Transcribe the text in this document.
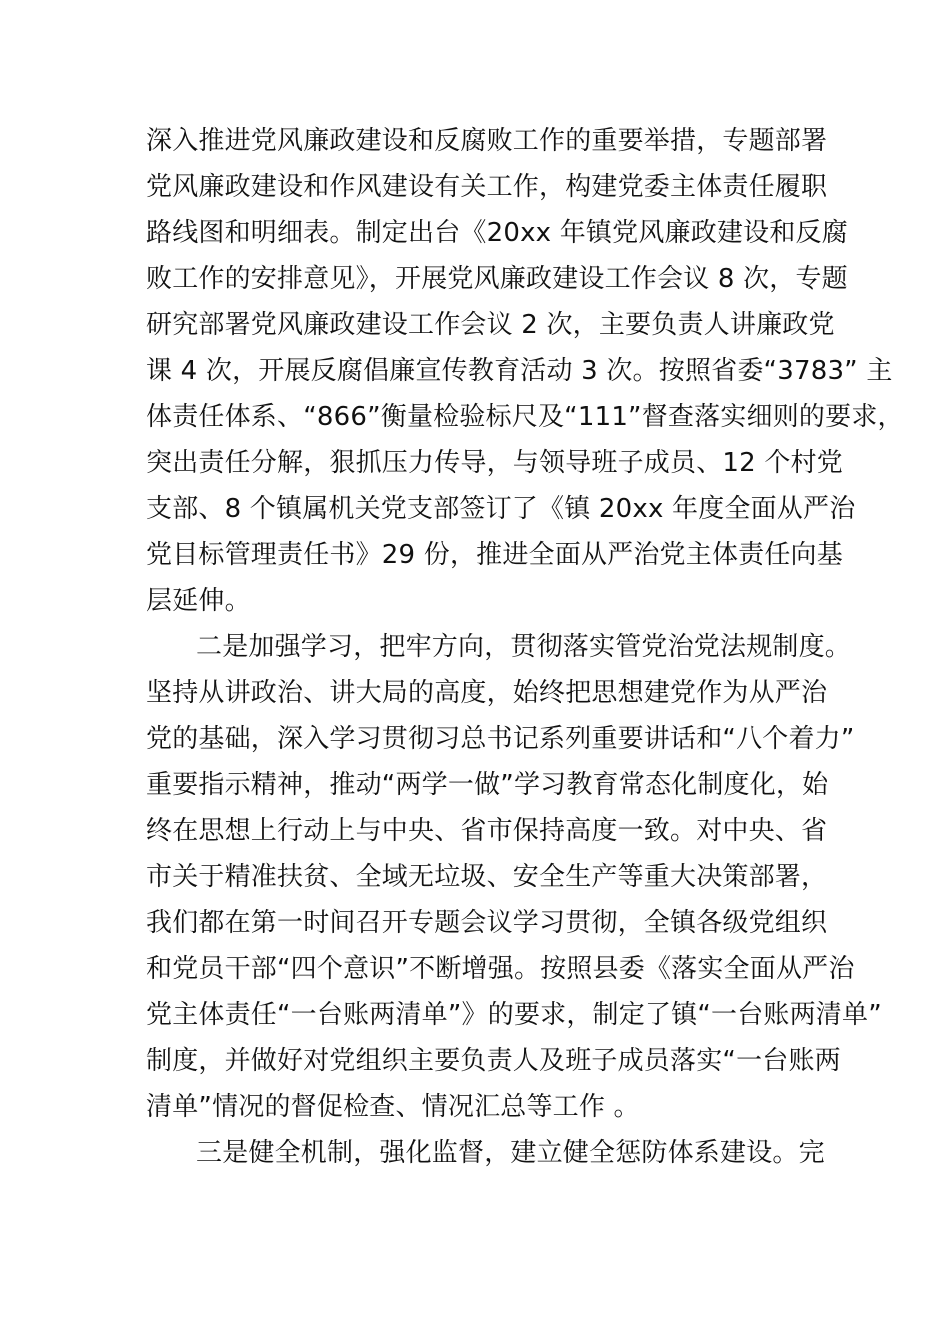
深入推进党风廉政建设和反腐败工作的重要举措，专题部署
党风廉政建设和作风建设有关工作，构建党委主体责任履职
路线图和明细表。制定出台《20xx 年镇党风廉政建设和反腐
败工作的安排意见》，开展党风廉政建设工作会议 8 次，专题
研究部署党风廉政建设工作会议 2 次，主要负责人讲廉政党
课 4 次，开展反腐倡廉宣传教育活动 3 次。按照省委“3783” 主
体责任体系、“866”衡量检验标尺及“111”督查落实细则的要求，
突出责任分解，狠抓压力传导，与领导班子成员、12 个村党
支部、8 个镇属机关党支部签订了《镇 20xx 年度全面从严治
党目标管理责任书》29 份，推进全面从严治党主体责任向基
层延伸。
二是加强学习，把牢方向，贯彻落实管党治党法规制度。
坚持从讲政治、讲大局的高度，始终把思想建党作为从严治
党的基础，深入学习贯彻习总书记系列重要讲话和“八个着力”
重要指示精神，推动“两学一做”学习教育常态化制度化，始
终在思想上行动上与中央、省市保持高度一致。对中央、省
市关于精准扶贫、全域无垃圾、安全生产等重大决策部署，
我们都在第一时间召开专题会议学习贯彻，全镇各级党组织
和党员干部“四个意识”不断增强。按照县委《落实全面从严治
党主体责任“一台账两清单”》的要求，制定了镇“一台账两清单”
制度，并做好对党组织主要负责人及班子成员落实“一台账两
清单”情况的督促检查、情况汇总等工作 。
三是健全机制，强化监督，建立健全惩防体系建设。完
